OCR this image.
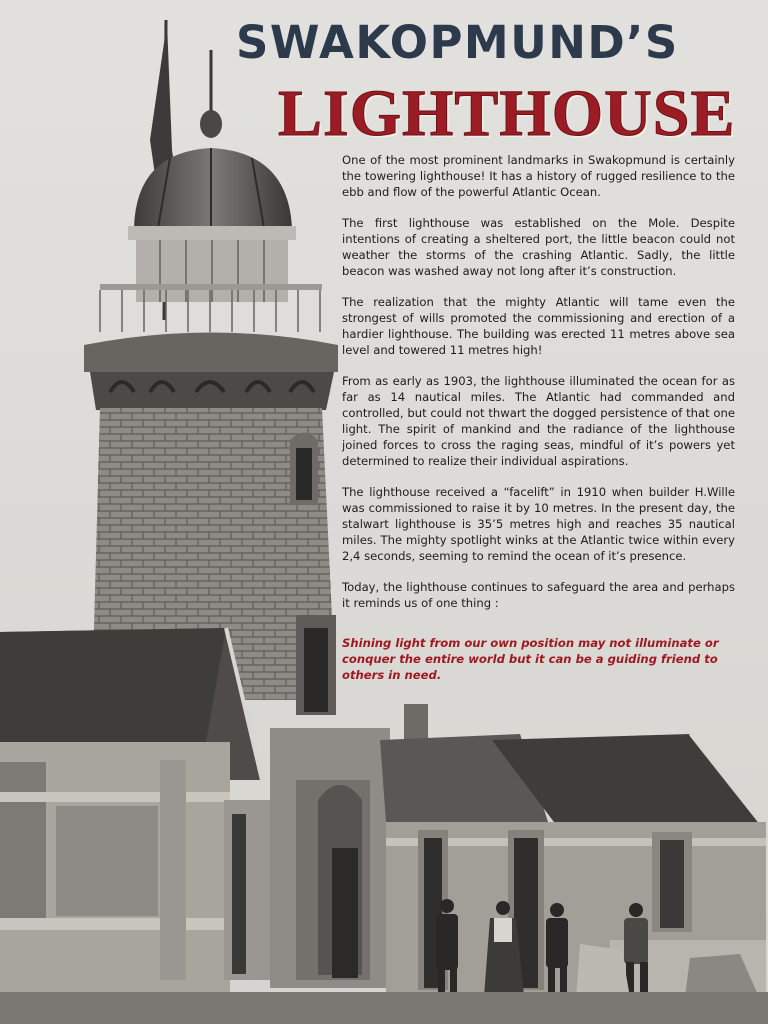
SWAKOPMUND’S
LIGHTHOUSE

One of the most prominent landmarks in Swakopmund is certainly the towering lighthouse! It has a history of rugged resilience to the ebb and flow of the powerful Atlantic Ocean.

The first lighthouse was established on the Mole. Despite intentions of creating a sheltered port, the little beacon could not weather the storms of the crashing Atlantic. Sadly, the little beacon was washed away not long after it’s construction.

The realization that the mighty Atlantic will tame even the strongest of wills promoted the commissioning and erection of a hardier lighthouse. The building was erected 11 metres above sea level and towered 11 metres high!

From as early as 1903, the lighthouse illuminated the ocean for as far as 14 nautical miles. The Atlantic had commanded and controlled, but could not thwart the dogged persistence of that one light. The spirit of mankind and the radiance of the lighthouse joined forces to cross the raging seas, mindful of it’s powers yet determined to realize their individual aspirations.

The lighthouse received a “facelift” in 1910 when builder H.Wille was commissioned to raise it by 10 metres. In the present day, the stalwart lighthouse is 35’5 metres high and reaches 35 nautical miles. The mighty spotlight winks at the Atlantic twice within every 2,4 seconds, seeming to remind the ocean of it’s presence.

Today, the lighthouse continues to safeguard the area and perhaps it reminds us of one thing :

Shining light from our own position may not illuminate or conquer the entire world but it can be a guiding friend to others in need.
